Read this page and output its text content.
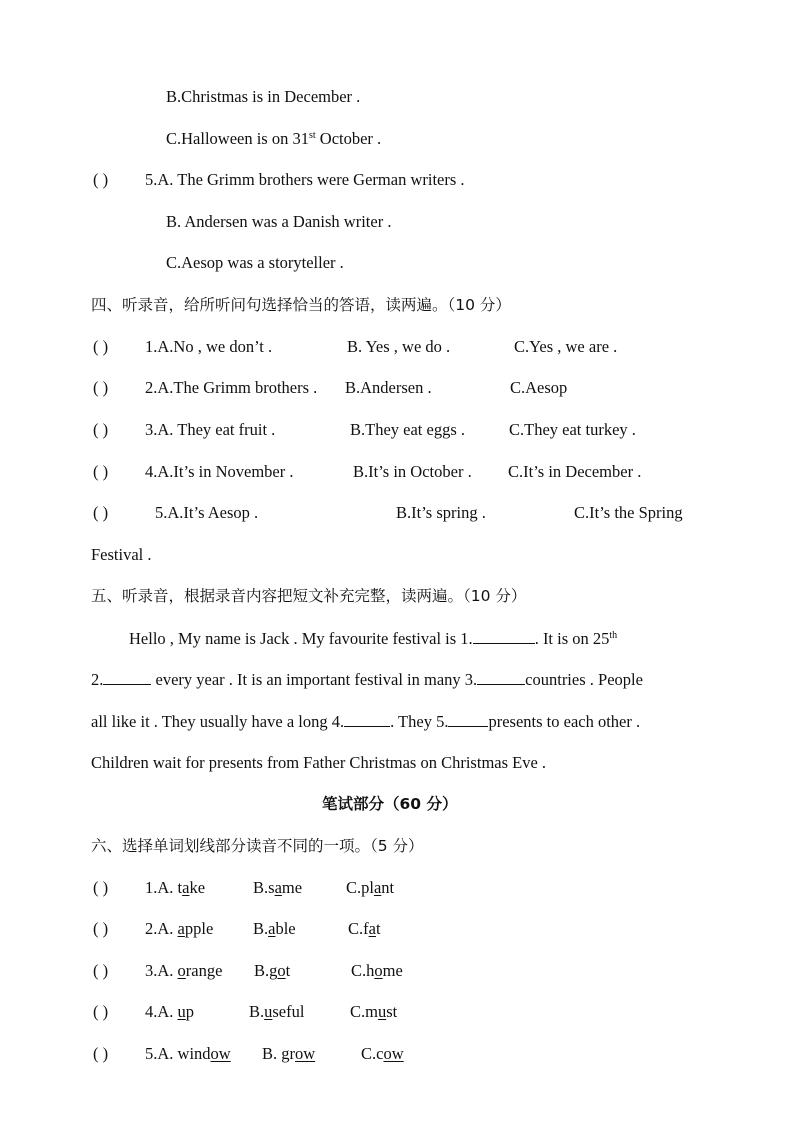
B.Christmas is in December .
C.Halloween is on 31st October .
( ) 5.A. The Grimm brothers were German writers .
B. Andersen was a Danish writer .
C.Aesop was a storyteller .
四、听录音，给所听问句选择恰当的答语，读两遍。（10 分）
( ) 1.A.No , we don’t .	B. Yes , we do .	C.Yes , we are .
( ) 2.A.The Grimm brothers . B.Andersen .	C.Aesop
( ) 3.A. They eat fruit .	B.They eat eggs .	C.They eat turkey .
( ) 4.A.It’s in November .	B.It’s in October . C.It’s in December .
( )	5.A.It’s Aesop .	B.It’s spring .	C.It’s the Spring
Festival .
五、听录音，根据录音内容把短文补充完整，读两遍。（10 分）
Hello , My name is Jack . My favourite festival is 1.	. It is on 25th
2.	every year . It is an important festival in many 3.	countries . People
all like it . They usually have a long 4.	. They 5. presents to each other .
Children wait for presents from Father Christmas on Christmas Eve .
笔试部分（60 分）
六、选择单词划线部分读音不同的一项。（5 分）
( ) 1.A. take	B.same	C.plant
( ) 2.A. apple B.able	C.fat
( ) 3.A. orange B.got	C.home
( ) 4.A. up	B.useful	C.must
( ) 5.A. window B. grow	C.cow
